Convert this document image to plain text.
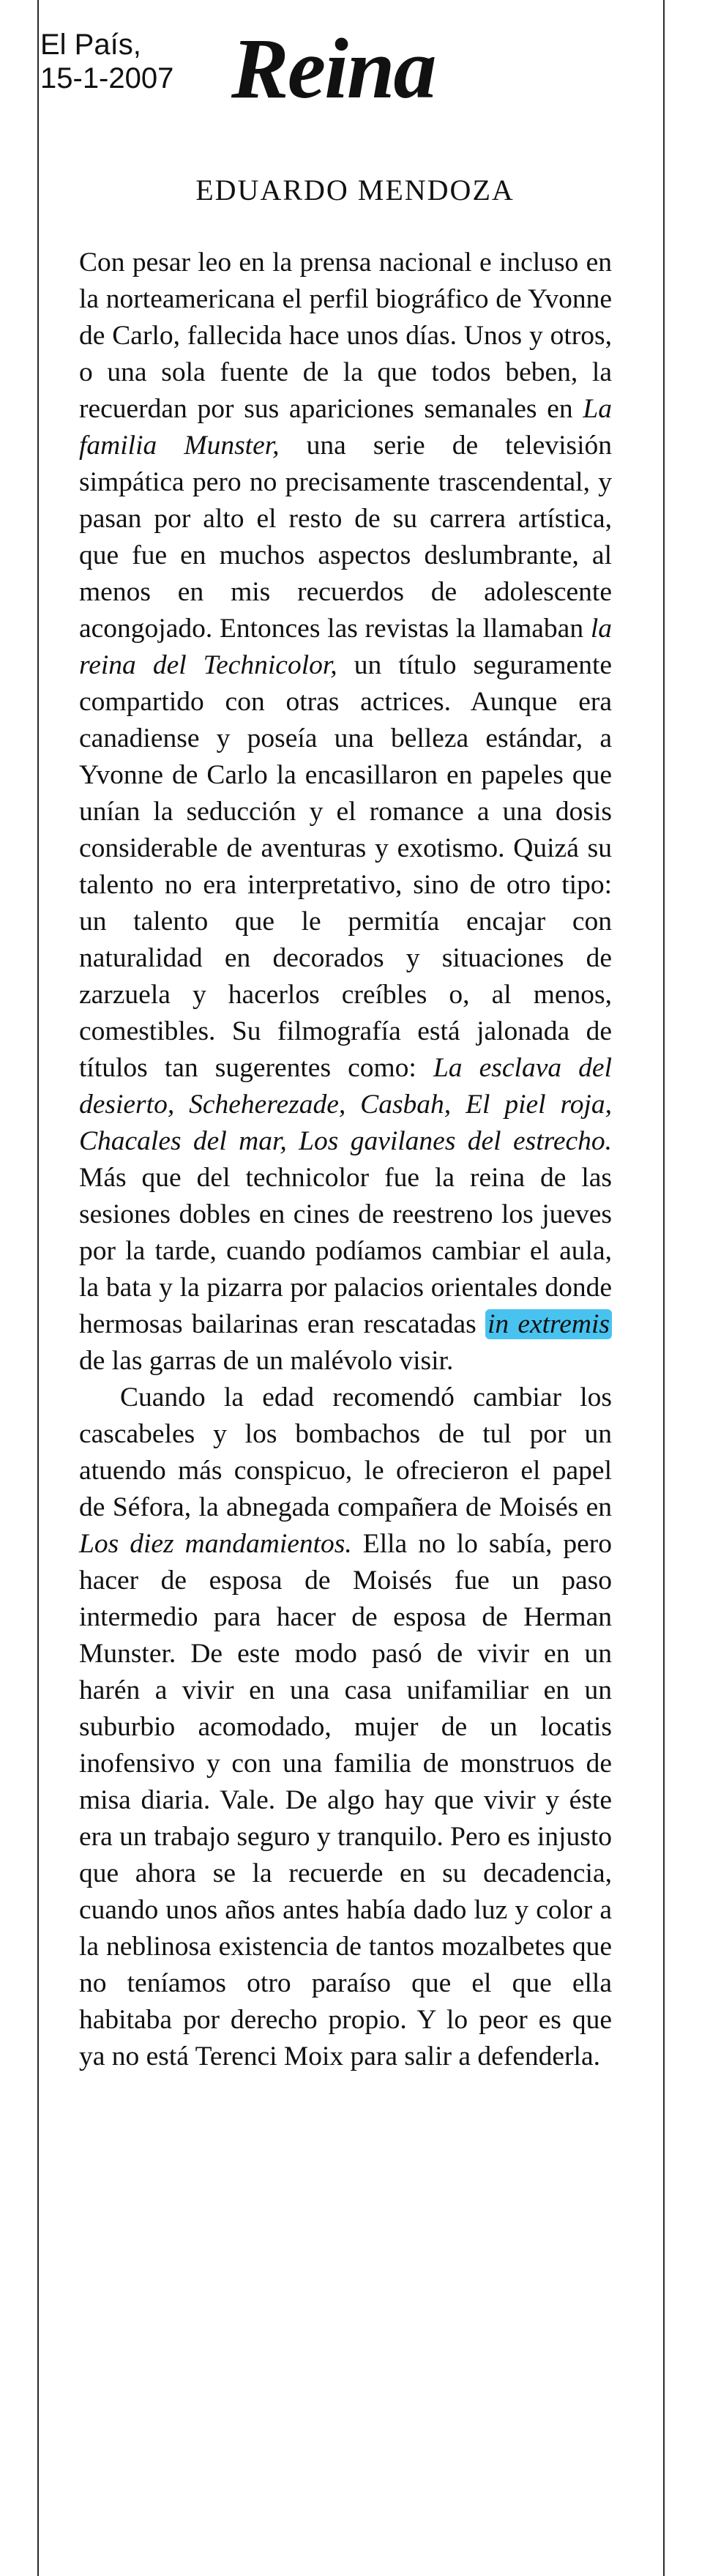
El País,
15-1-2007 Reina
EDUARDO MENDOZA

Con pesar leo en la prensa nacional e incluso en la norteamericana el perfil biográfico de Yvonne de Carlo, fallecida hace unos días. Unos y otros, o una sola fuente de la que todos beben, la recuerdan por sus apariciones semanales en La familia Munster, una serie de televisión simpática pero no precisamente trascendental, y pasan por alto el resto de su carrera artística, que fue en muchos aspectos deslumbrante, al menos en mis recuerdos de adolescente acongojado. Entonces las revistas la llamaban la reina del Technicolor, un título seguramente compartido con otras actrices. Aunque era canadiense y poseía una belleza estándar, a Yvonne de Carlo la encasillaron en papeles que unían la seducción y el romance a una dosis considerable de aventuras y exotismo. Quizá su talento no era interpretativo, sino de otro tipo: un talento que le permitía encajar con naturalidad en decorados y situaciones de zarzuela y hacerlos creíbles o, al menos, comestibles. Su filmografía está jalonada de títulos tan sugerentes como: La esclava del desierto, Scheherezade, Casbah, El piel roja, Chacales del mar, Los gavilanes del estrecho. Más que del technicolor fue la reina de las sesiones dobles en cines de reestreno los jueves por la tarde, cuando podíamos cambiar el aula, la bata y la pizarra por palacios orientales donde hermosas bailarinas eran rescatadas in extremis de las garras de un malévolo visir.

Cuando la edad recomendó cambiar los cascabeles y los bombachos de tul por un atuendo más conspicuo, le ofrecieron el papel de Séfora, la abnegada compañera de Moisés en Los diez mandamientos. Ella no lo sabía, pero hacer de esposa de Moisés fue un paso intermedio para hacer de esposa de Herman Munster. De este modo pasó de vivir en un harén a vivir en una casa unifamiliar en un suburbio acomodado, mujer de un locatis inofensivo y con una familia de monstruos de misa diaria. Vale. De algo hay que vivir y éste era un trabajo seguro y tranquilo. Pero es injusto que ahora se la recuerde en su decadencia, cuando unos años antes había dado luz y color a la neblinosa existencia de tantos mozalbetes que no teníamos otro paraíso que el que ella habitaba por derecho propio. Y lo peor es que ya no está Terenci Moix para salir a defenderla.
